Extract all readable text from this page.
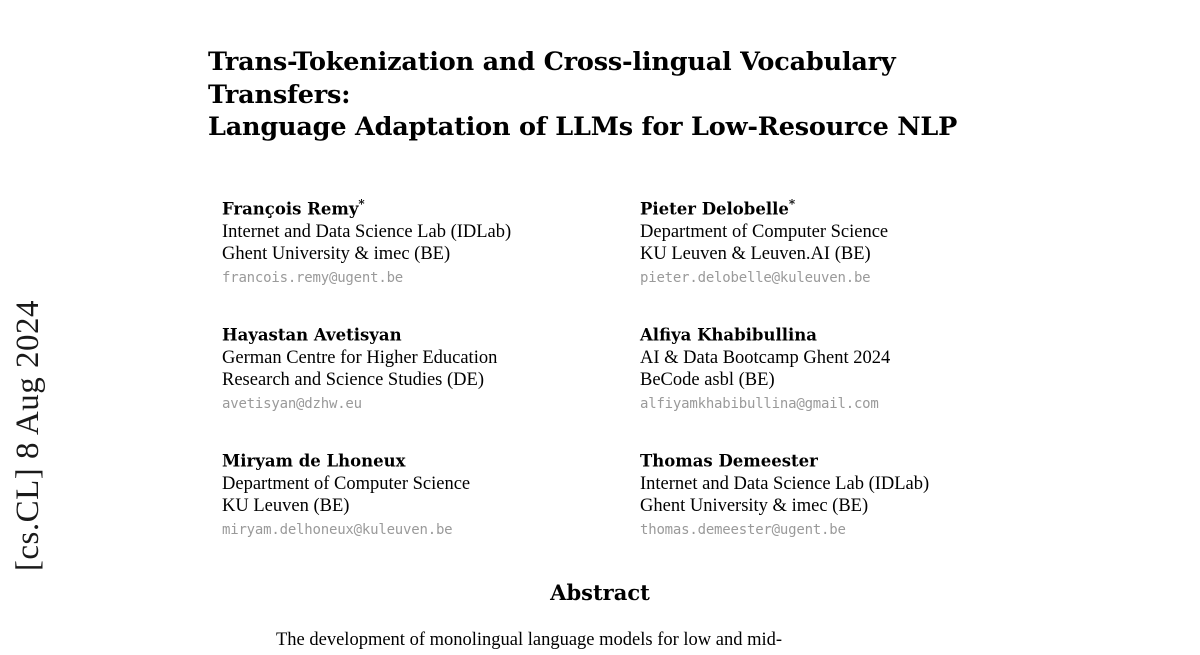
[cs.CL] 8 Aug 2024
Trans-Tokenization and Cross-lingual Vocabulary Transfers:
Language Adaptation of LLMs for Low-Resource NLP
François Remy*
Internet and Data Science Lab (IDLab)
Ghent University & imec (BE)
francois.remy@ugent.be
Pieter Delobelle*
Department of Computer Science
KU Leuven & Leuven.AI (BE)
pieter.delobelle@kuleuven.be
Hayastan Avetisyan
German Centre for Higher Education
Research and Science Studies (DE)
avetisyan@dzhw.eu
Alfiya Khabibullina
AI & Data Bootcamp Ghent 2024
BeCode asbl (BE)
alfiyamkhabibullina@gmail.com
Miryam de Lhoneux
Department of Computer Science
KU Leuven (BE)
miryam.delhoneux@kuleuven.be
Thomas Demeester
Internet and Data Science Lab (IDLab)
Ghent University & imec (BE)
thomas.demeester@ugent.be
Abstract
The development of monolingual language models for low and mid-
